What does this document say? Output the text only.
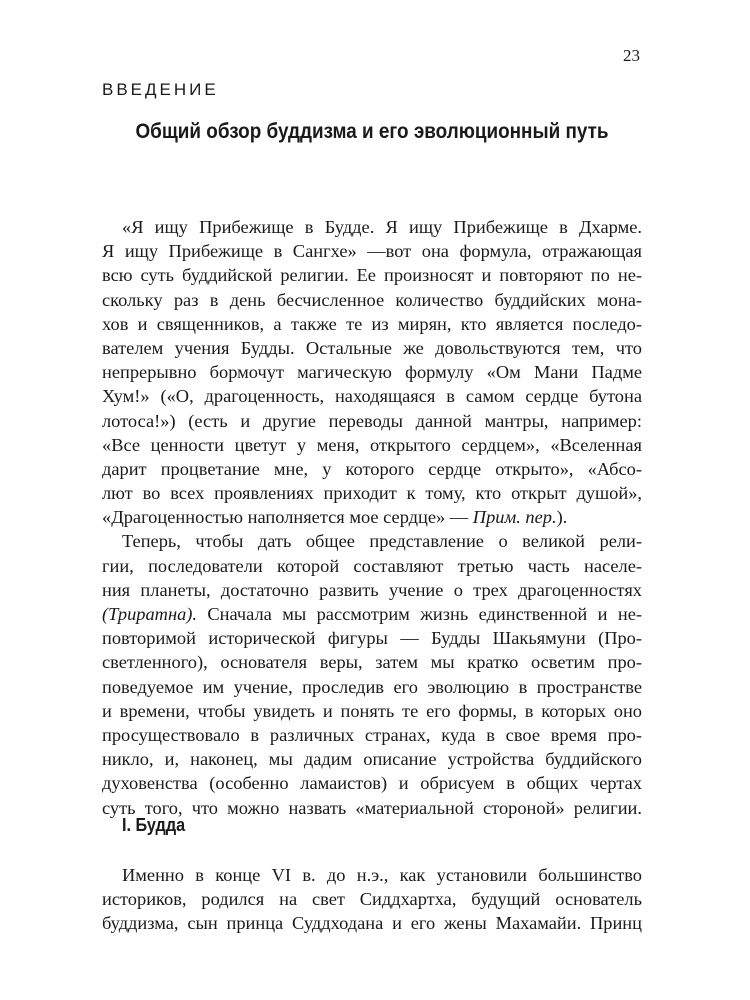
23
ВВЕДЕНИЕ
Общий обзор буддизма и его эволюционный путь
«Я ищу Прибежище в Будде. Я ищу Прибежище в Дхарме.
Я ищу Прибежище в Сангхе» —вот она формула, отражающая
всю суть буддийской религии. Ее произносят и повторяют по не-
скольку раз в день бесчисленное количество буддийских мона-
хов и священников, а также те из мирян, кто является последо-
вателем учения Будды. Остальные же довольствуются тем, что
непрерывно бормочут магическую формулу «Ом Мани Падме
Хум!» («О, драгоценность, находящаяся в самом сердце бутона
лотоса!») (есть и другие переводы данной мантры, например:
«Все ценности цветут у меня, открытого сердцем», «Вселенная
дарит процветание мне, у которого сердце открыто», «Абсо-
лют во всех проявлениях приходит к тому, кто открыт душой»,
«Драгоценностью наполняется мое сердце» — Прим. пер.).
Теперь, чтобы дать общее представление о великой рели-
гии, последователи которой составляют третью часть населе-
ния планеты, достаточно развить учение о трех драгоценностях
(Триратна). Сначала мы рассмотрим жизнь единственной и не-
повторимой исторической фигуры — Будды Шакьямуни (Про-
светленного), основателя веры, затем мы кратко осветим про-
поведуемое им учение, проследив его эволюцию в пространстве
и времени, чтобы увидеть и понять те его формы, в которых оно
просуществовало в различных странах, куда в свое время про-
никло, и, наконец, мы дадим описание устройства буддийского
духовенства (особенно ламаистов) и обрисуем в общих чертах
суть того, что можно назвать «материальной стороной» религии.
I. Будда
Именно в конце VI в. до н.э., как установили большинство
историков, родился на свет Сиддхартха, будущий основатель
буддизма, сын принца Суддходана и его жены Махамайи. Принц
